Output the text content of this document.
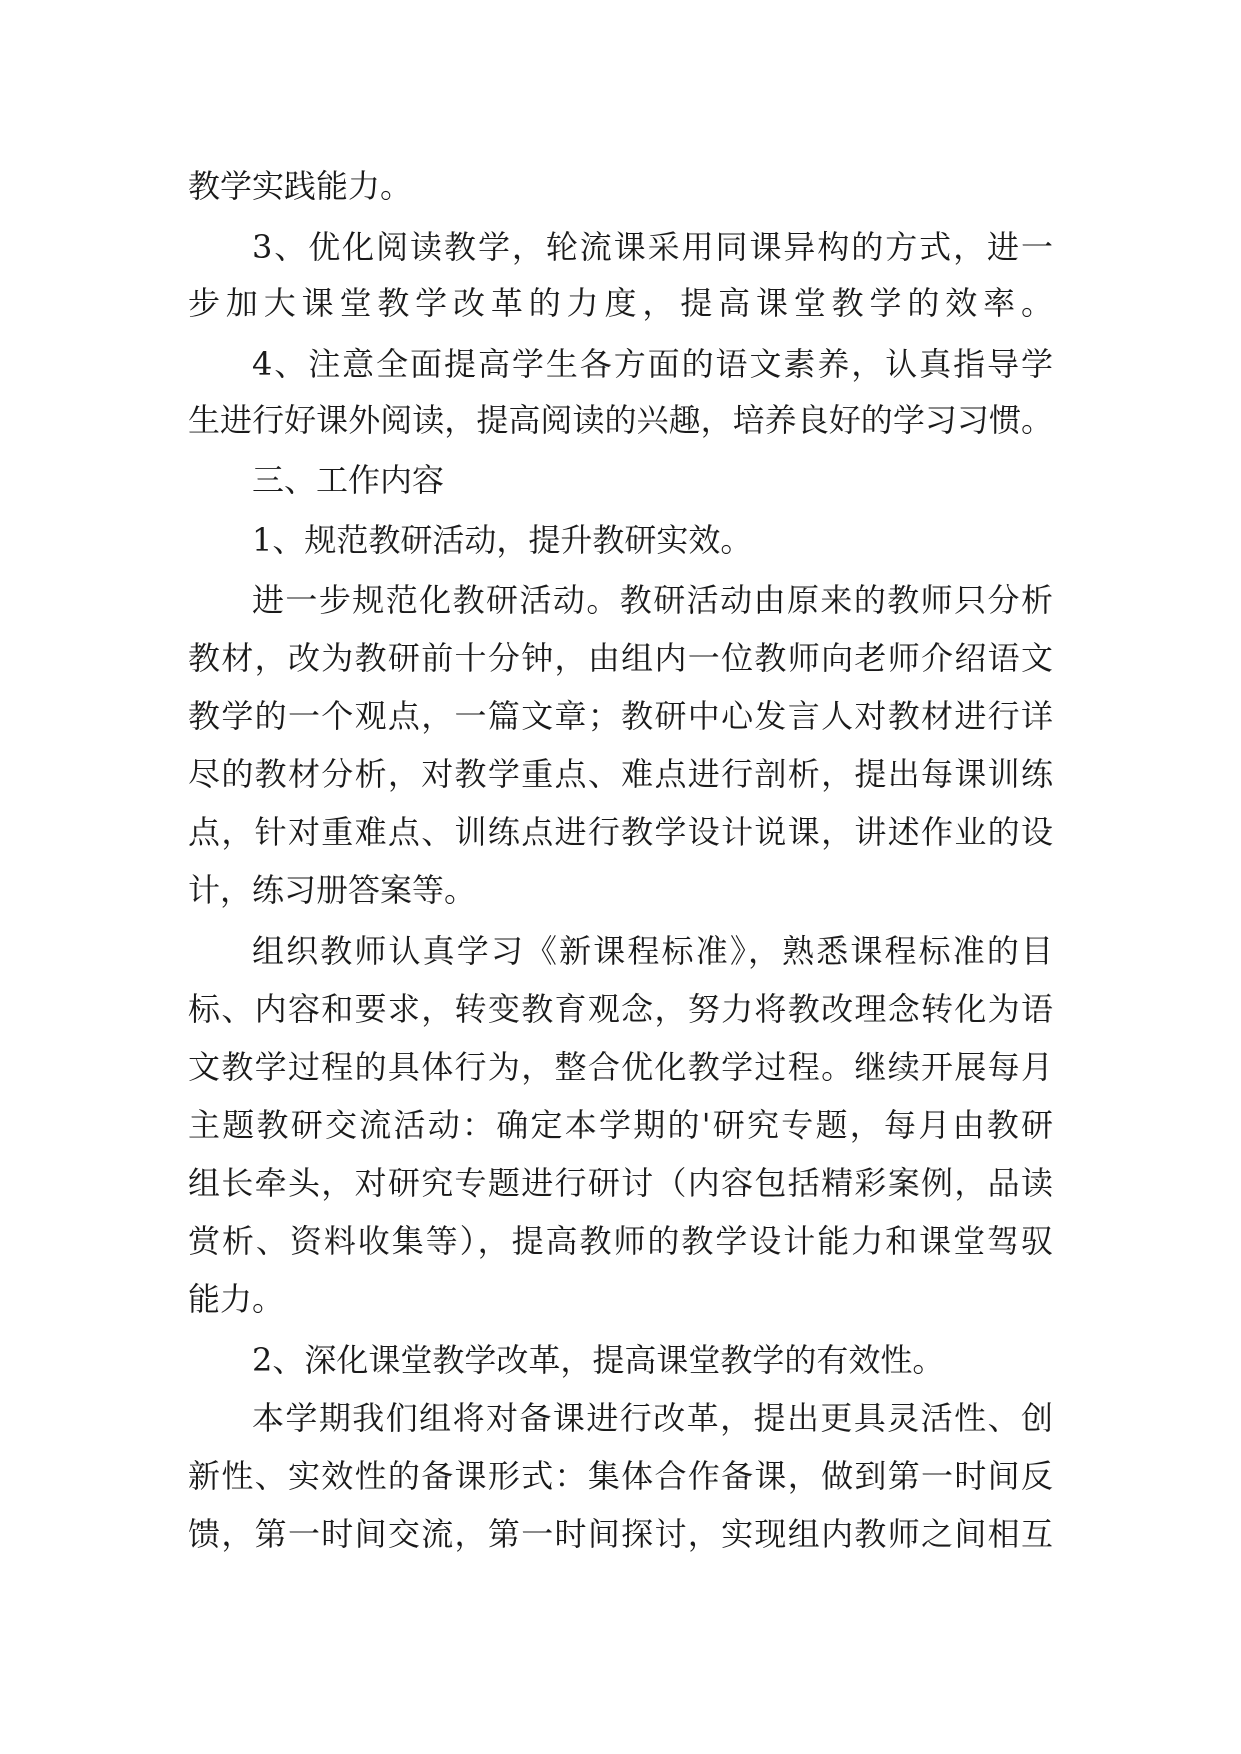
教学实践能力。
3、优化阅读教学，轮流课采用同课异构的方式，进一
步加大课堂教学改革的力度，提高课堂教学的效率。
4、注意全面提高学生各方面的语文素养，认真指导学
生进行好课外阅读，提高阅读的兴趣，培养良好的学习习惯。
三、工作内容
1、规范教研活动，提升教研实效。
进一步规范化教研活动。教研活动由原来的教师只分析
教材，改为教研前十分钟，由组内一位教师向老师介绍语文
教学的一个观点，一篇文章；教研中心发言人对教材进行详
尽的教材分析，对教学重点、难点进行剖析，提出每课训练
点，针对重难点、训练点进行教学设计说课，讲述作业的设
计，练习册答案等。
组织教师认真学习《新课程标准》，熟悉课程标准的目
标、内容和要求，转变教育观念，努力将教改理念转化为语
文教学过程的具体行为，整合优化教学过程。继续开展每月
主题教研交流活动：确定本学期的'研究专题，每月由教研
组长牵头，对研究专题进行研讨（内容包括精彩案例，品读
赏析、资料收集等），提高教师的教学设计能力和课堂驾驭
能力。
2、深化课堂教学改革，提高课堂教学的有效性。
本学期我们组将对备课进行改革，提出更具灵活性、创
新性、实效性的备课形式：集体合作备课，做到第一时间反
馈，第一时间交流，第一时间探讨，实现组内教师之间相互
